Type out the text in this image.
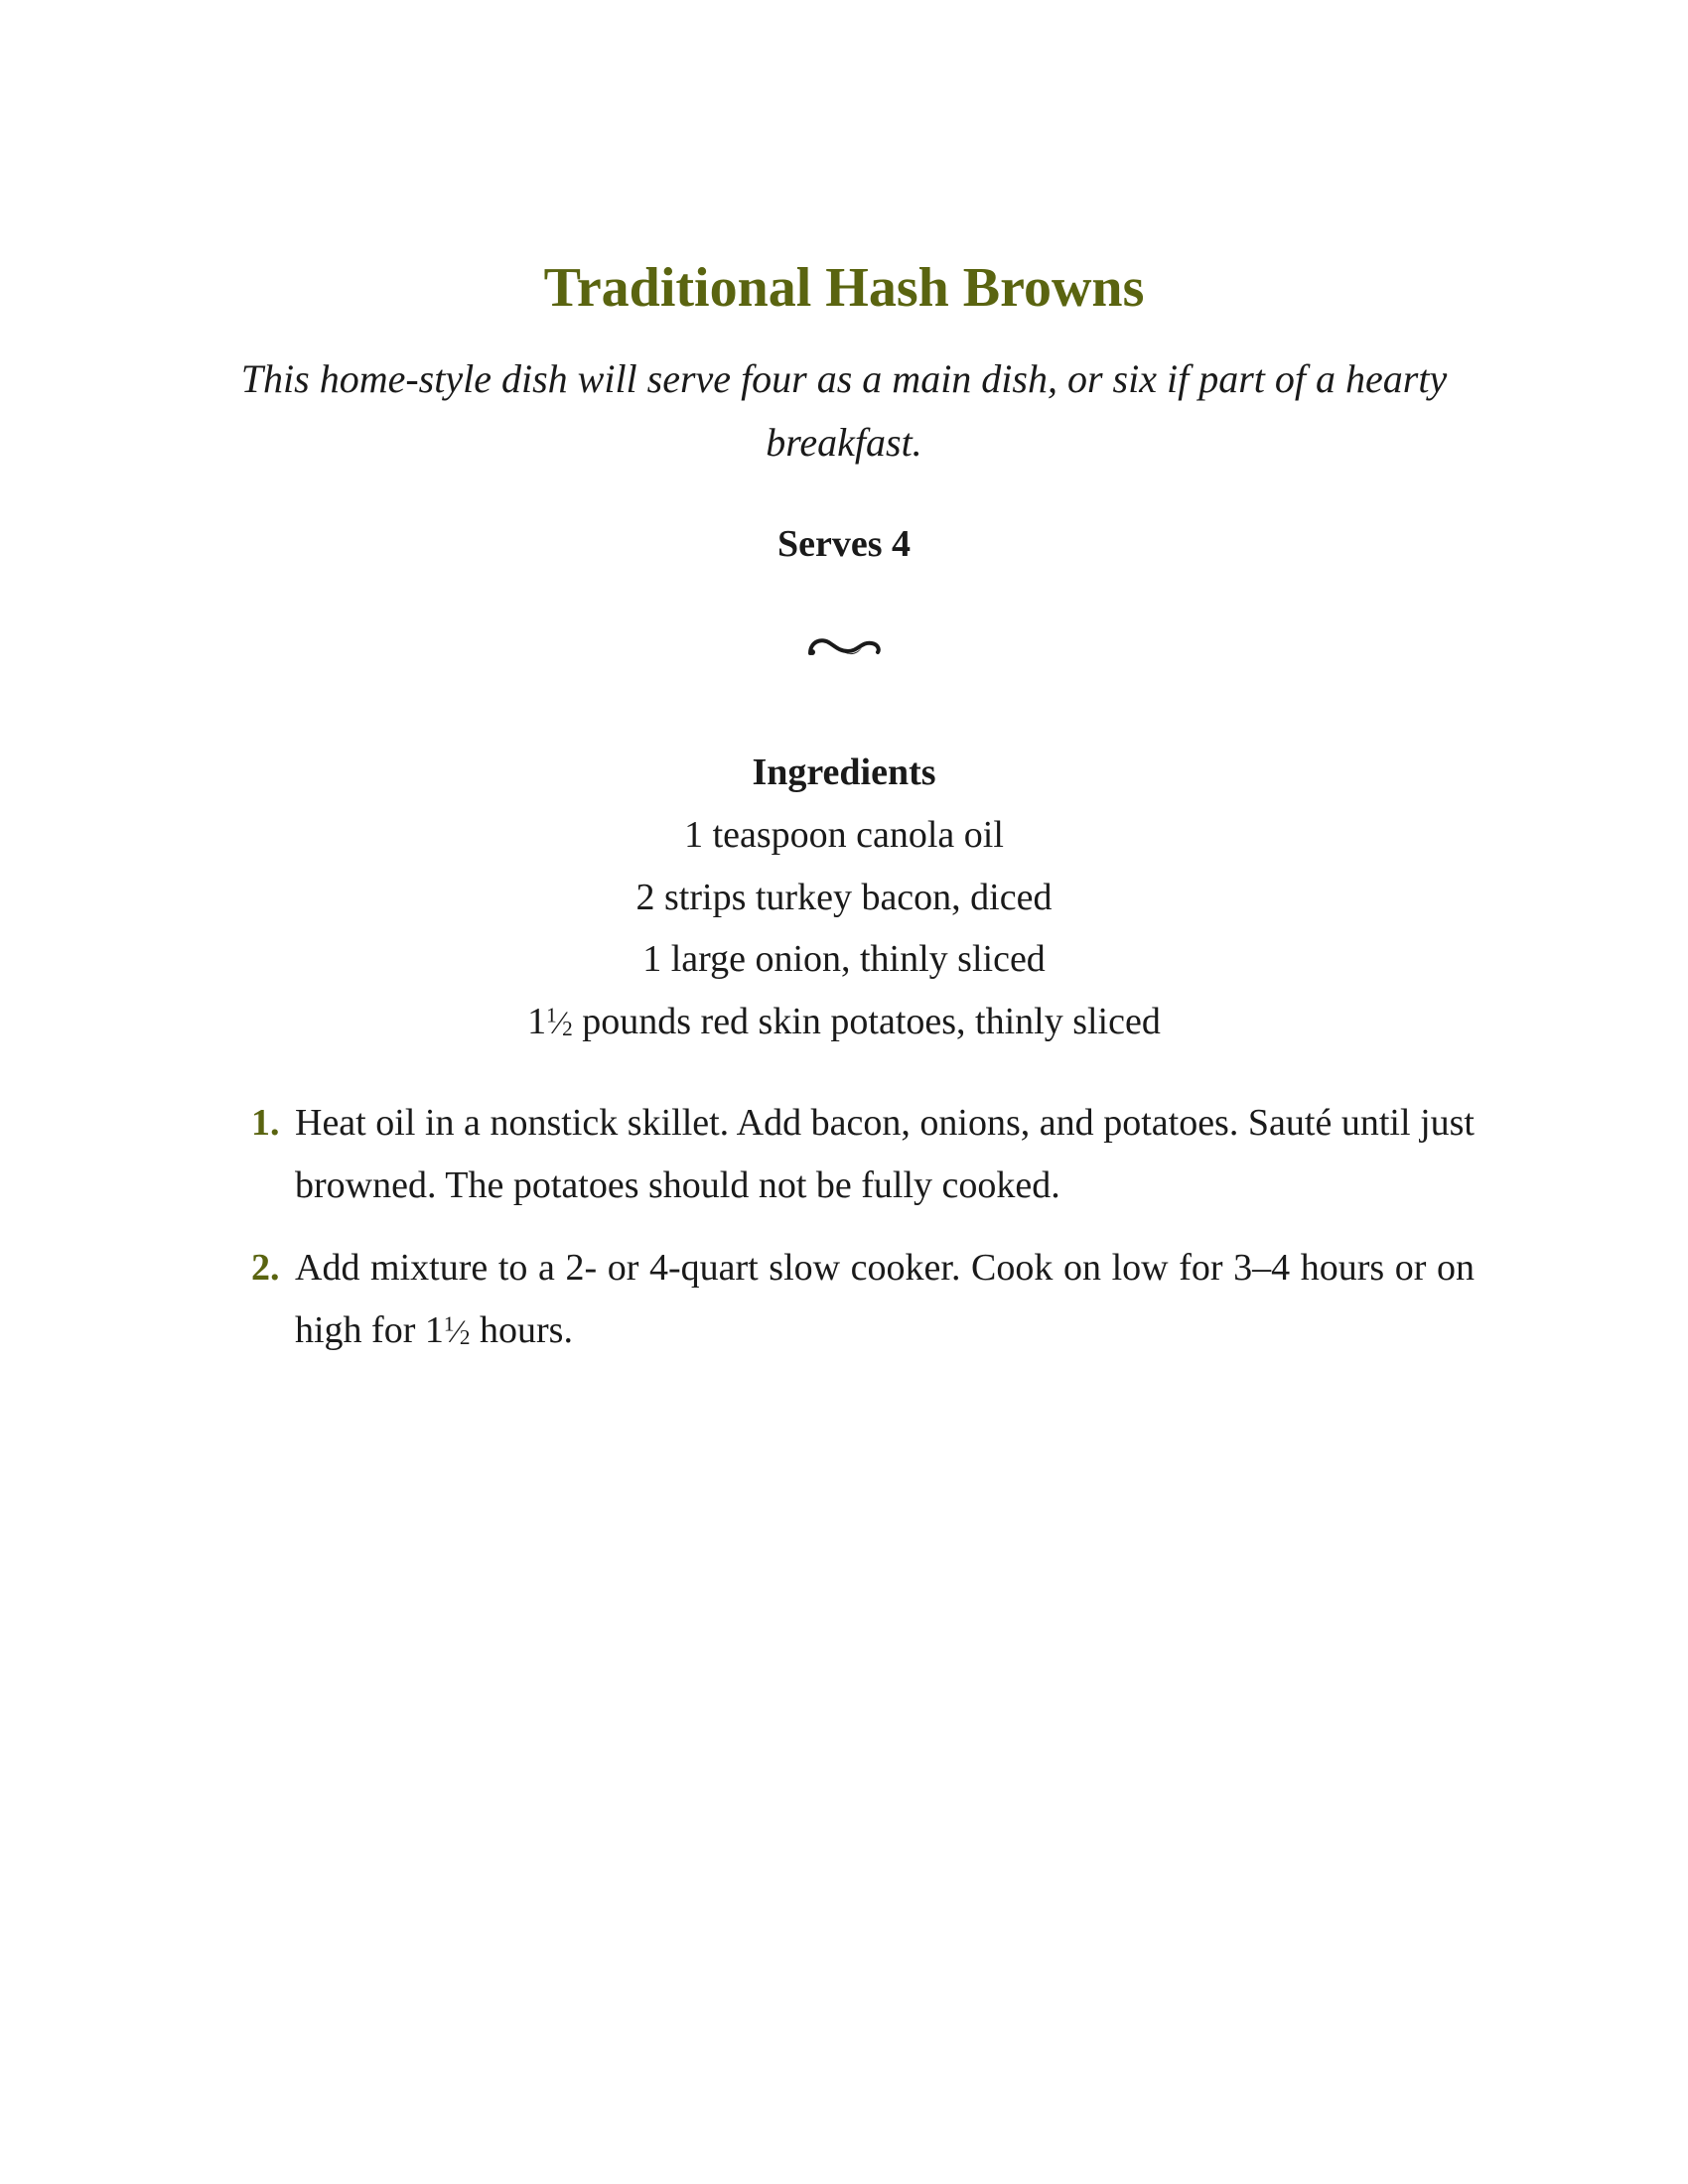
Traditional Hash Browns

This home-style dish will serve four as a main dish, or six if part of a hearty breakfast.

Serves 4

Ingredients
1 teaspoon canola oil
2 strips turkey bacon, diced
1 large onion, thinly sliced
$1^1⁄_2$ pounds red skin potatoes, thinly sliced
1. Heat oil in a nonstick skillet. Add bacon, onions, and potatoes. Sauté until just browned. The potatoes should not be fully cooked.
2. Add mixture to a 2- or 4-quart slow cooker. Cook on low for 3–4 hours or on high for $1^1⁄_2$ hours.
